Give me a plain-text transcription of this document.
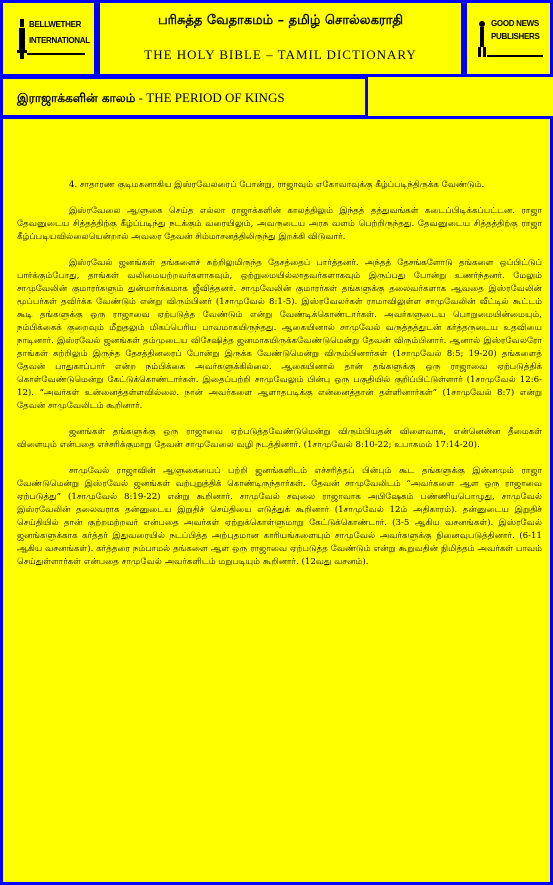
BELLWETHER
INTERNATIONAL
பரிசுத்த வேதாகமம் – தமிழ் சொல்லகராதி
THE HOLY BIBLE – TAMIL DICTIONARY
GOOD NEWS
PUBLISHERS
இராஜாக்களின் காலம் - THE PERIOD OF KINGS

4. சாதாரண குடிமகனாகிய இஸ்ரவேலரைப் போன்று, ராஜாவும் எகோவாவுக்கு கீழ்ப்படிந்திருக்க வேண்டும்.

இஸ்ரவேலை ஆளுகை செய்த எல்லா ராஜாக்களின் காலத்திலும் இந்தத் தத்துவங்கள் கடைப்பிடிக்கப்பட்டன. ராஜா தேவனுடைய சித்தத்திற்கு கீழ்ப்படிந்து நடக்கும் வரையிலும், அவருடைய அரசு வளம் பெற்றிருந்தது. தேவனுடைய சித்தத்திற்கு ராஜா கீழ்ப்படியவில்லையென்றால் அவரை தேவன் சிம்மாசனத்திலிருந்து இறக்கி விடுவார்.

இஸ்ரவேல் ஜனங்கள் தங்களைச் சுற்றிலுமிருந்த தேசத்தைப் பார்த்தனர். அந்தத் தேசங்களோடு தங்களை ஒப்பிட்டுப் பார்க்கும்போது, தாங்கள் வலிமையற்றவர்களாகவும், ஒற்றுமையில்லாதவர்களாகவும் இருப்பது போன்று உணர்ந்தனர். மேலும் சாமுவேலின் குமாரர்களும் துன்மார்க்கமாக ஜீவித்தனர். சாமுவேலின் குமாரர்கள் தங்களுக்கு தலைவர்களாக ஆவதை இஸ்ரவேலின் மூப்பர்கள் தவிர்க்க வேண்டும் என்று விரும்பினர் (1சாமுவேல் 8:1-5). இஸ்ரவேலர்கள் ராமாவிலுள்ள சாமுவேலின் வீட்டில் கூட்டம் கூடி தங்களுக்கு ஒரு ராஜாவை ஏற்படுத்த வேண்டும் என்று வேண்டிக்கொண்டார்கள். அவர்களுடைய பொறுமையின்மையும், நம்பிக்கைக் குறைவும் மீறுதலும் மிகப்பெரிய பாவமாகயிருந்தது. ஆகையினால் சாமுவேல் வருத்தத்துடன் கர்த்தருடைய உதவியை நாடினார். இஸ்ரவேல் ஜனங்கள் தம்முடைய விசேஷித்த ஜனமாகயிருக்கவேண்டுமென்று தேவன் விரும்பினார். ஆனால் இஸ்ரவேலரோ தாங்கள் சுற்றிலும் இருந்த தேசத்தினரைப் போன்று இருக்க வேண்டுமென்று விரும்பினார்கள் (1சாமுவேல் 8:5; 19-20) தங்களைத் தேவன் பாதுகாப்பார் என்ற நம்பிக்கை அவர்களுக்கில்லை. ஆகையினால் தான் தங்களுக்கு ஒரு ராஜாவை ஏற்படுத்திக் கொள்வேண்டுமென்று கேட்டுக்கொண்டார்கள். இதைப்பற்றி சாமுவேலும் பின்பு ஒரு பகுதியில் குறிப்பிட்டுள்ளார் (1சாமுவேல் 12:6-12). “அவர்கள் உன்னைத்தள்ளவில்லை. நான் அவர்களை ஆளாதபடிக்கு என்னைத்தான் தள்ளினார்கள்” (1சாமுவேல் 8:7) என்று தேவன் சாமுவேலிடம் கூறினார்.

ஜனங்கள் தங்களுக்கு ஒரு ராஜாவை ஏற்படுத்தவேண்டுமென்று விரும்பியதன் விளைவாக, என்னென்ன தீமைகள் விளையும் என்பதை எச்சரிக்குமாறு தேவன் சாமுவேலை வழி நடத்தினார். (1சாமுவேல் 8:10-22; உபாகமம் 17:14-20).

சாமுவேல் ராஜாவின் ஆளுகையைப் பற்றி ஜனங்களிடம் எச்சரித்தப் பின்பும் கூட தங்களுக்கு இன்னமும் ராஜா வேண்டுமென்று இஸ்ரவேல் ஜனங்கள் வற்புறுத்திக் கொண்டிருந்தார்கள். தேவன் சாமுவேலிடம் “அவர்களை ஆள ஒரு ராஜாவை ஏற்படுத்து” (1சாமுவேல் 8:19-22) என்று கூறினார். சாமுவேல் சவுலை ராஜாவாக அபிஷேகம் பண்ணியபொழுது, சாமுவேல் இஸ்ரவேலின் தலைவராக தன்னுடைய இறுதிச் செய்தியை எடுத்துக் கூறினார் (1சாமுவேல் 12ம் அதிகாரம்). தன்னுடைய இறுதிச் செய்தியில் தான் குற்றமற்றவர் என்பதை அவர்கள் ஏற்றுக்கொள்ளுமாறு கேட்டுக்கொண்டார். (3-5 ஆகிய வசனங்கள்). இஸ்ரவேல் ஜனங்களுக்காக கர்த்தர் இதுவரையில் நடப்பித்த அற்புதமான காரியங்களையும் சாமுவேல் அவர்களுக்கு நினைவுபடுத்தினார். (6-11 ஆகிய வசனங்கள்). கர்த்தரை நம்பாமல் தங்களை ஆள ஒரு ராஜாவை ஏற்படுத்த வேண்டும் என்று கூறுவதின் நிமித்தம் அவர்கள் பாவம் செய்துள்ளார்கள் என்பதை சாமுவேல் அவர்களிடம் மறுபடியும் கூறினார். (12வது வசனம்).
